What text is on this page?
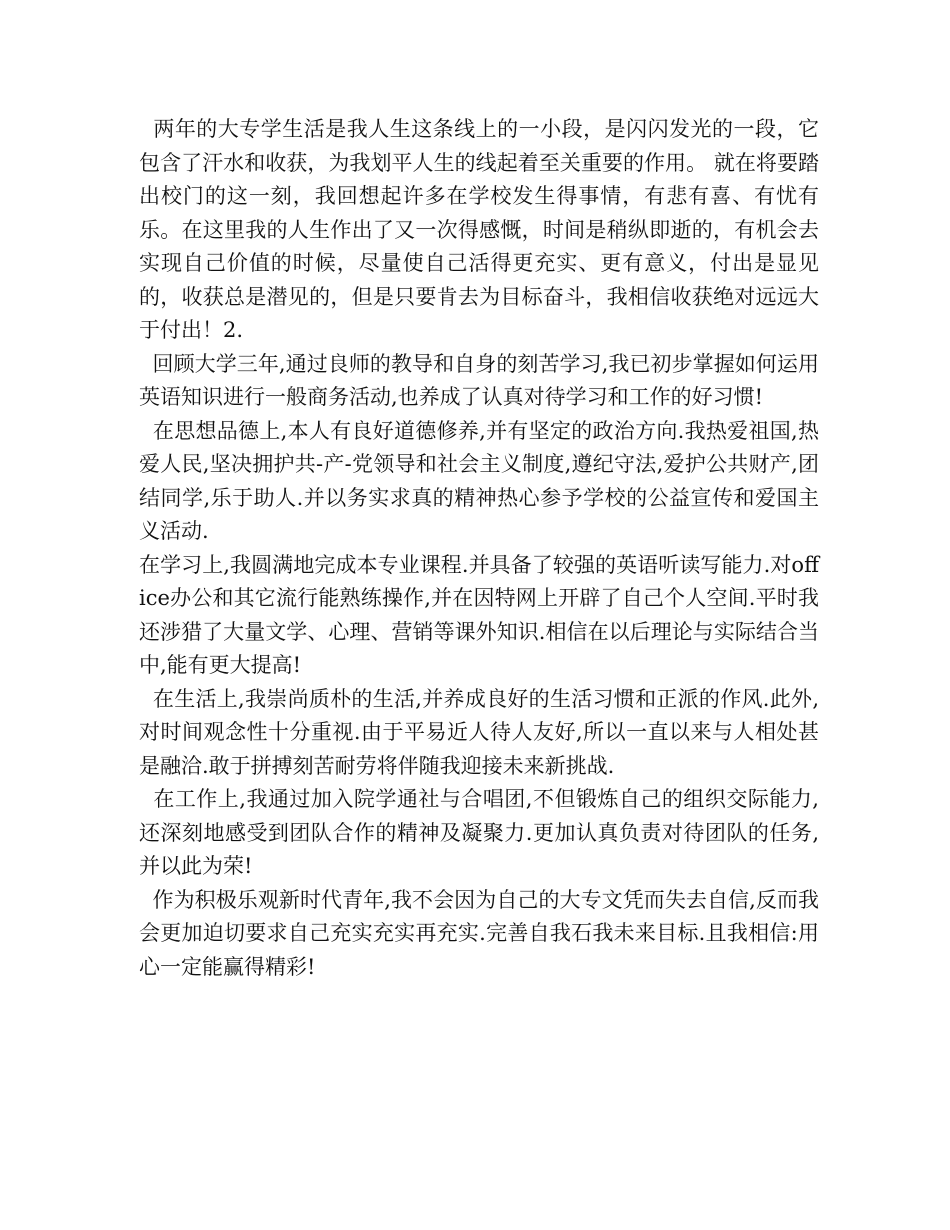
两年的大专学生活是我人生这条线上的一小段，是闪闪发光的一段，它包含了汗水和收获，为我划平人生的线起着至关重要的作用。 就在将要踏出校门的这一刻，我回想起许多在学校发生得事情，有悲有喜、有忧有乐。在这里我的人生作出了又一次得感慨，时间是稍纵即逝的，有机会去实现自己价值的时候，尽量使自己活得更充实、更有意义，付出是显见的，收获总是潜见的，但是只要肯去为目标奋斗，我相信收获绝对远远大于付出！2.

回顾大学三年,通过良师的教导和自身的刻苦学习,我已初步掌握如何运用英语知识进行一般商务活动,也养成了认真对待学习和工作的好习惯!

在思想品德上,本人有良好道德修养,并有坚定的政治方向.我热爱祖国,热爱人民,坚决拥护共-产-党领导和社会主义制度,遵纪守法,爱护公共财产,团结同学,乐于助人.并以务实求真的精神热心参予学校的公益宣传和爱国主义活动.

在学习上,我圆满地完成本专业课程.并具备了较强的英语听读写能力.对office办公和其它流行能熟练操作,并在因特网上开辟了自己个人空间.平时我还涉猎了大量文学、心理、营销等课外知识.相信在以后理论与实际结合当中,能有更大提高!

在生活上,我崇尚质朴的生活,并养成良好的生活习惯和正派的作风.此外,对时间观念性十分重视.由于平易近人待人友好,所以一直以来与人相处甚是融洽.敢于拼搏刻苦耐劳将伴随我迎接未来新挑战.

在工作上,我通过加入院学通社与合唱团,不但锻炼自己的组织交际能力,还深刻地感受到团队合作的精神及凝聚力.更加认真负责对待团队的任务,并以此为荣!

作为积极乐观新时代青年,我不会因为自己的大专文凭而失去自信,反而我会更加迫切要求自己充实充实再充实.完善自我石我未来目标.且我相信:用心一定能赢得精彩!
